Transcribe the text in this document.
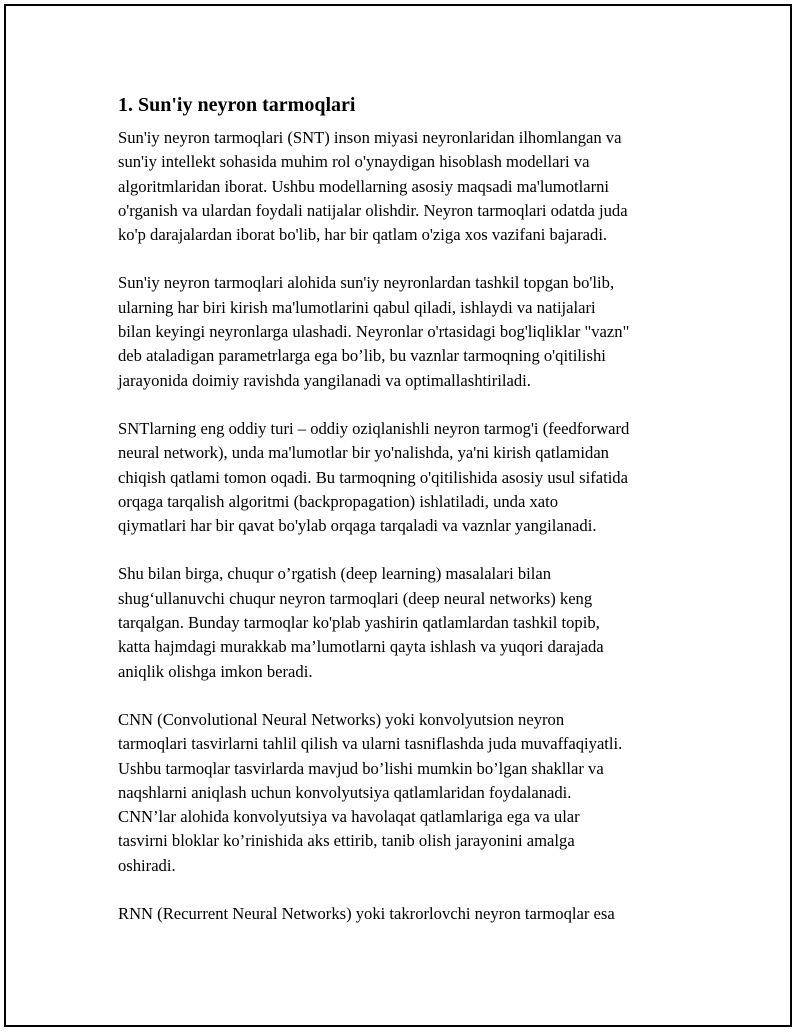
1. Sun'iy neyron tarmoqlari
Sun'iy neyron tarmoqlari (SNT) inson miyasi neyronlaridan ilhomlangan va
sun'iy intellekt sohasida muhim rol o'ynaydigan hisoblash modellari va
algoritmlaridan iborat. Ushbu modellarning asosiy maqsadi ma'lumotlarni
o'rganish va ulardan foydali natijalar olishdir. Neyron tarmoqlari odatda juda
ko'p darajalardan iborat bo'lib, har bir qatlam o'ziga xos vazifani bajaradi.
Sun'iy neyron tarmoqlari alohida sun'iy neyronlardan tashkil topgan bo'lib,
ularning har biri kirish ma'lumotlarini qabul qiladi, ishlaydi va natijalari
bilan keyingi neyronlarga ulashadi. Neyronlar o'rtasidagi bog'liqliklar "vazn"
deb ataladigan parametrlarga ega bo’lib, bu vaznlar tarmoqning o'qitilishi
jarayonida doimiy ravishda yangilanadi va optimallashtiriladi.
SNTlarning eng oddiy turi – oddiy oziqlanishli neyron tarmog'i (feedforward
neural network), unda ma'lumotlar bir yo'nalishda, ya'ni kirish qatlamidan
chiqish qatlami tomon oqadi. Bu tarmoqning o'qitilishida asosiy usul sifatida
orqaga tarqalish algoritmi (backpropagation) ishlatiladi, unda xato
qiymatlari har bir qavat bo'ylab orqaga tarqaladi va vaznlar yangilanadi.
Shu bilan birga, chuqur o’rgatish (deep learning) masalalari bilan
shug‘ullanuvchi chuqur neyron tarmoqlari (deep neural networks) keng
tarqalgan. Bunday tarmoqlar ko'plab yashirin qatlamlardan tashkil topib,
katta hajmdagi murakkab ma’lumotlarni qayta ishlash va yuqori darajada
aniqlik olishga imkon beradi.
CNN (Convolutional Neural Networks) yoki konvolyutsion neyron
tarmoqlari tasvirlarni tahlil qilish va ularni tasniflashda juda muvaffaqiyatli.
Ushbu tarmoqlar tasvirlarda mavjud bo’lishi mumkin bo’lgan shakllar va
naqshlarni aniqlash uchun konvolyutsiya qatlamlaridan foydalanadi.
CNN’lar alohida konvolyutsiya va havolaqat qatlamlariga ega va ular
tasvirni bloklar ko’rinishida aks ettirib, tanib olish jarayonini amalga
oshiradi.
RNN (Recurrent Neural Networks) yoki takrorlovchi neyron tarmoqlar esa
